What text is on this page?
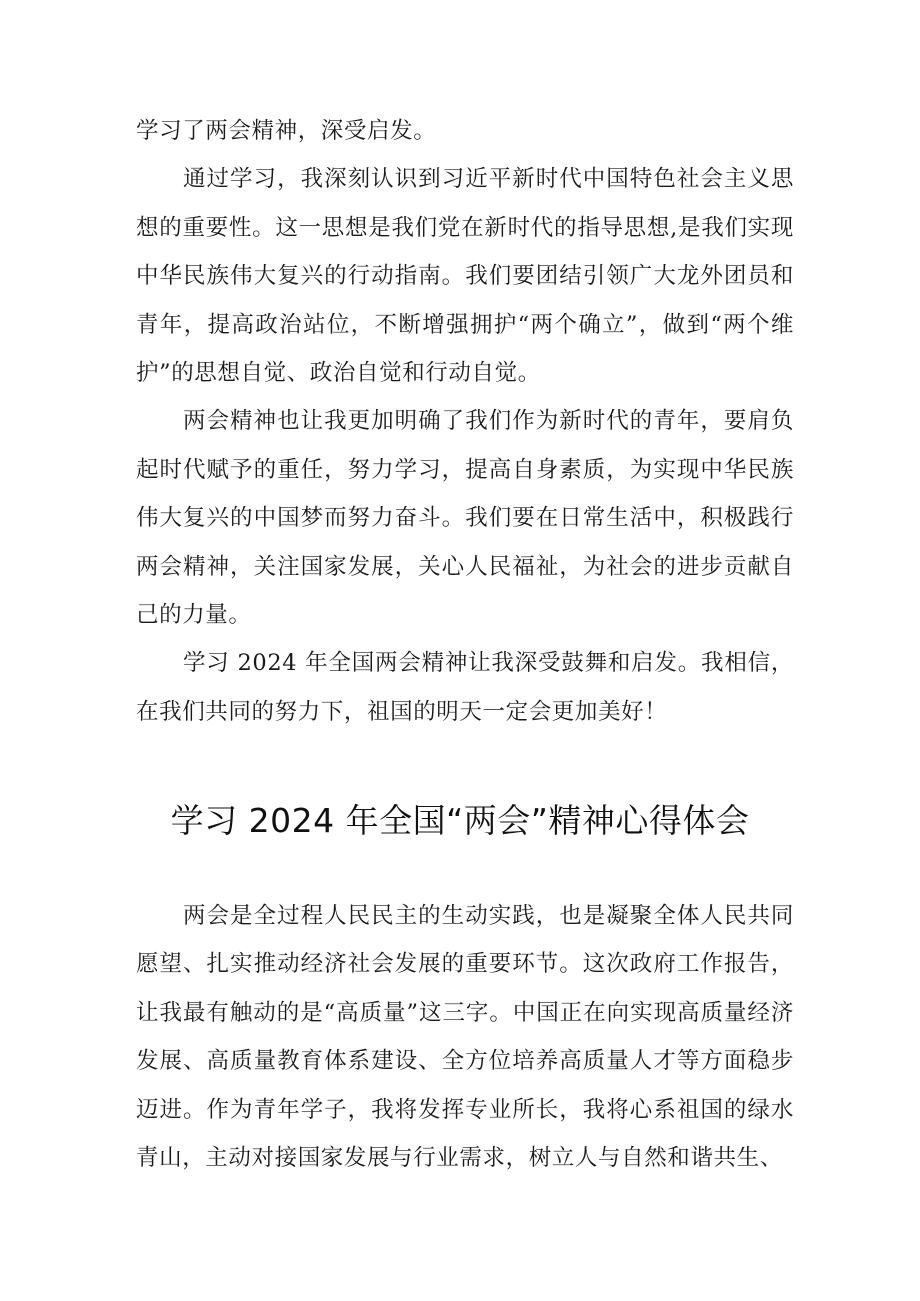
学习了两会精神，深受启发。

通过学习，我深刻认识到习近平新时代中国特色社会主义思想的重要性。这一思想是我们党在新时代的指导思想,是我们实现中华民族伟大复兴的行动指南。我们要团结引领广大龙外团员和青年，提高政治站位，不断增强拥护“两个确立”，做到“两个维护”的思想自觉、政治自觉和行动自觉。

两会精神也让我更加明确了我们作为新时代的青年，要肩负起时代赋予的重任，努力学习，提高自身素质，为实现中华民族伟大复兴的中国梦而努力奋斗。我们要在日常生活中，积极践行两会精神，关注国家发展，关心人民福祉，为社会的进步贡献自己的力量。

学习 2024 年全国两会精神让我深受鼓舞和启发。我相信，在我们共同的努力下，祖国的明天一定会更加美好！

学习 2024 年全国“两会”精神心得体会

两会是全过程人民民主的生动实践，也是凝聚全体人民共同愿望、扎实推动经济社会发展的重要环节。这次政府工作报告，让我最有触动的是“高质量”这三字。中国正在向实现高质量经济发展、高质量教育体系建设、全方位培养高质量人才等方面稳步迈进。作为青年学子，我将发挥专业所长，我将心系祖国的绿水青山，主动对接国家发展与行业需求，树立人与自然和谐共生、
